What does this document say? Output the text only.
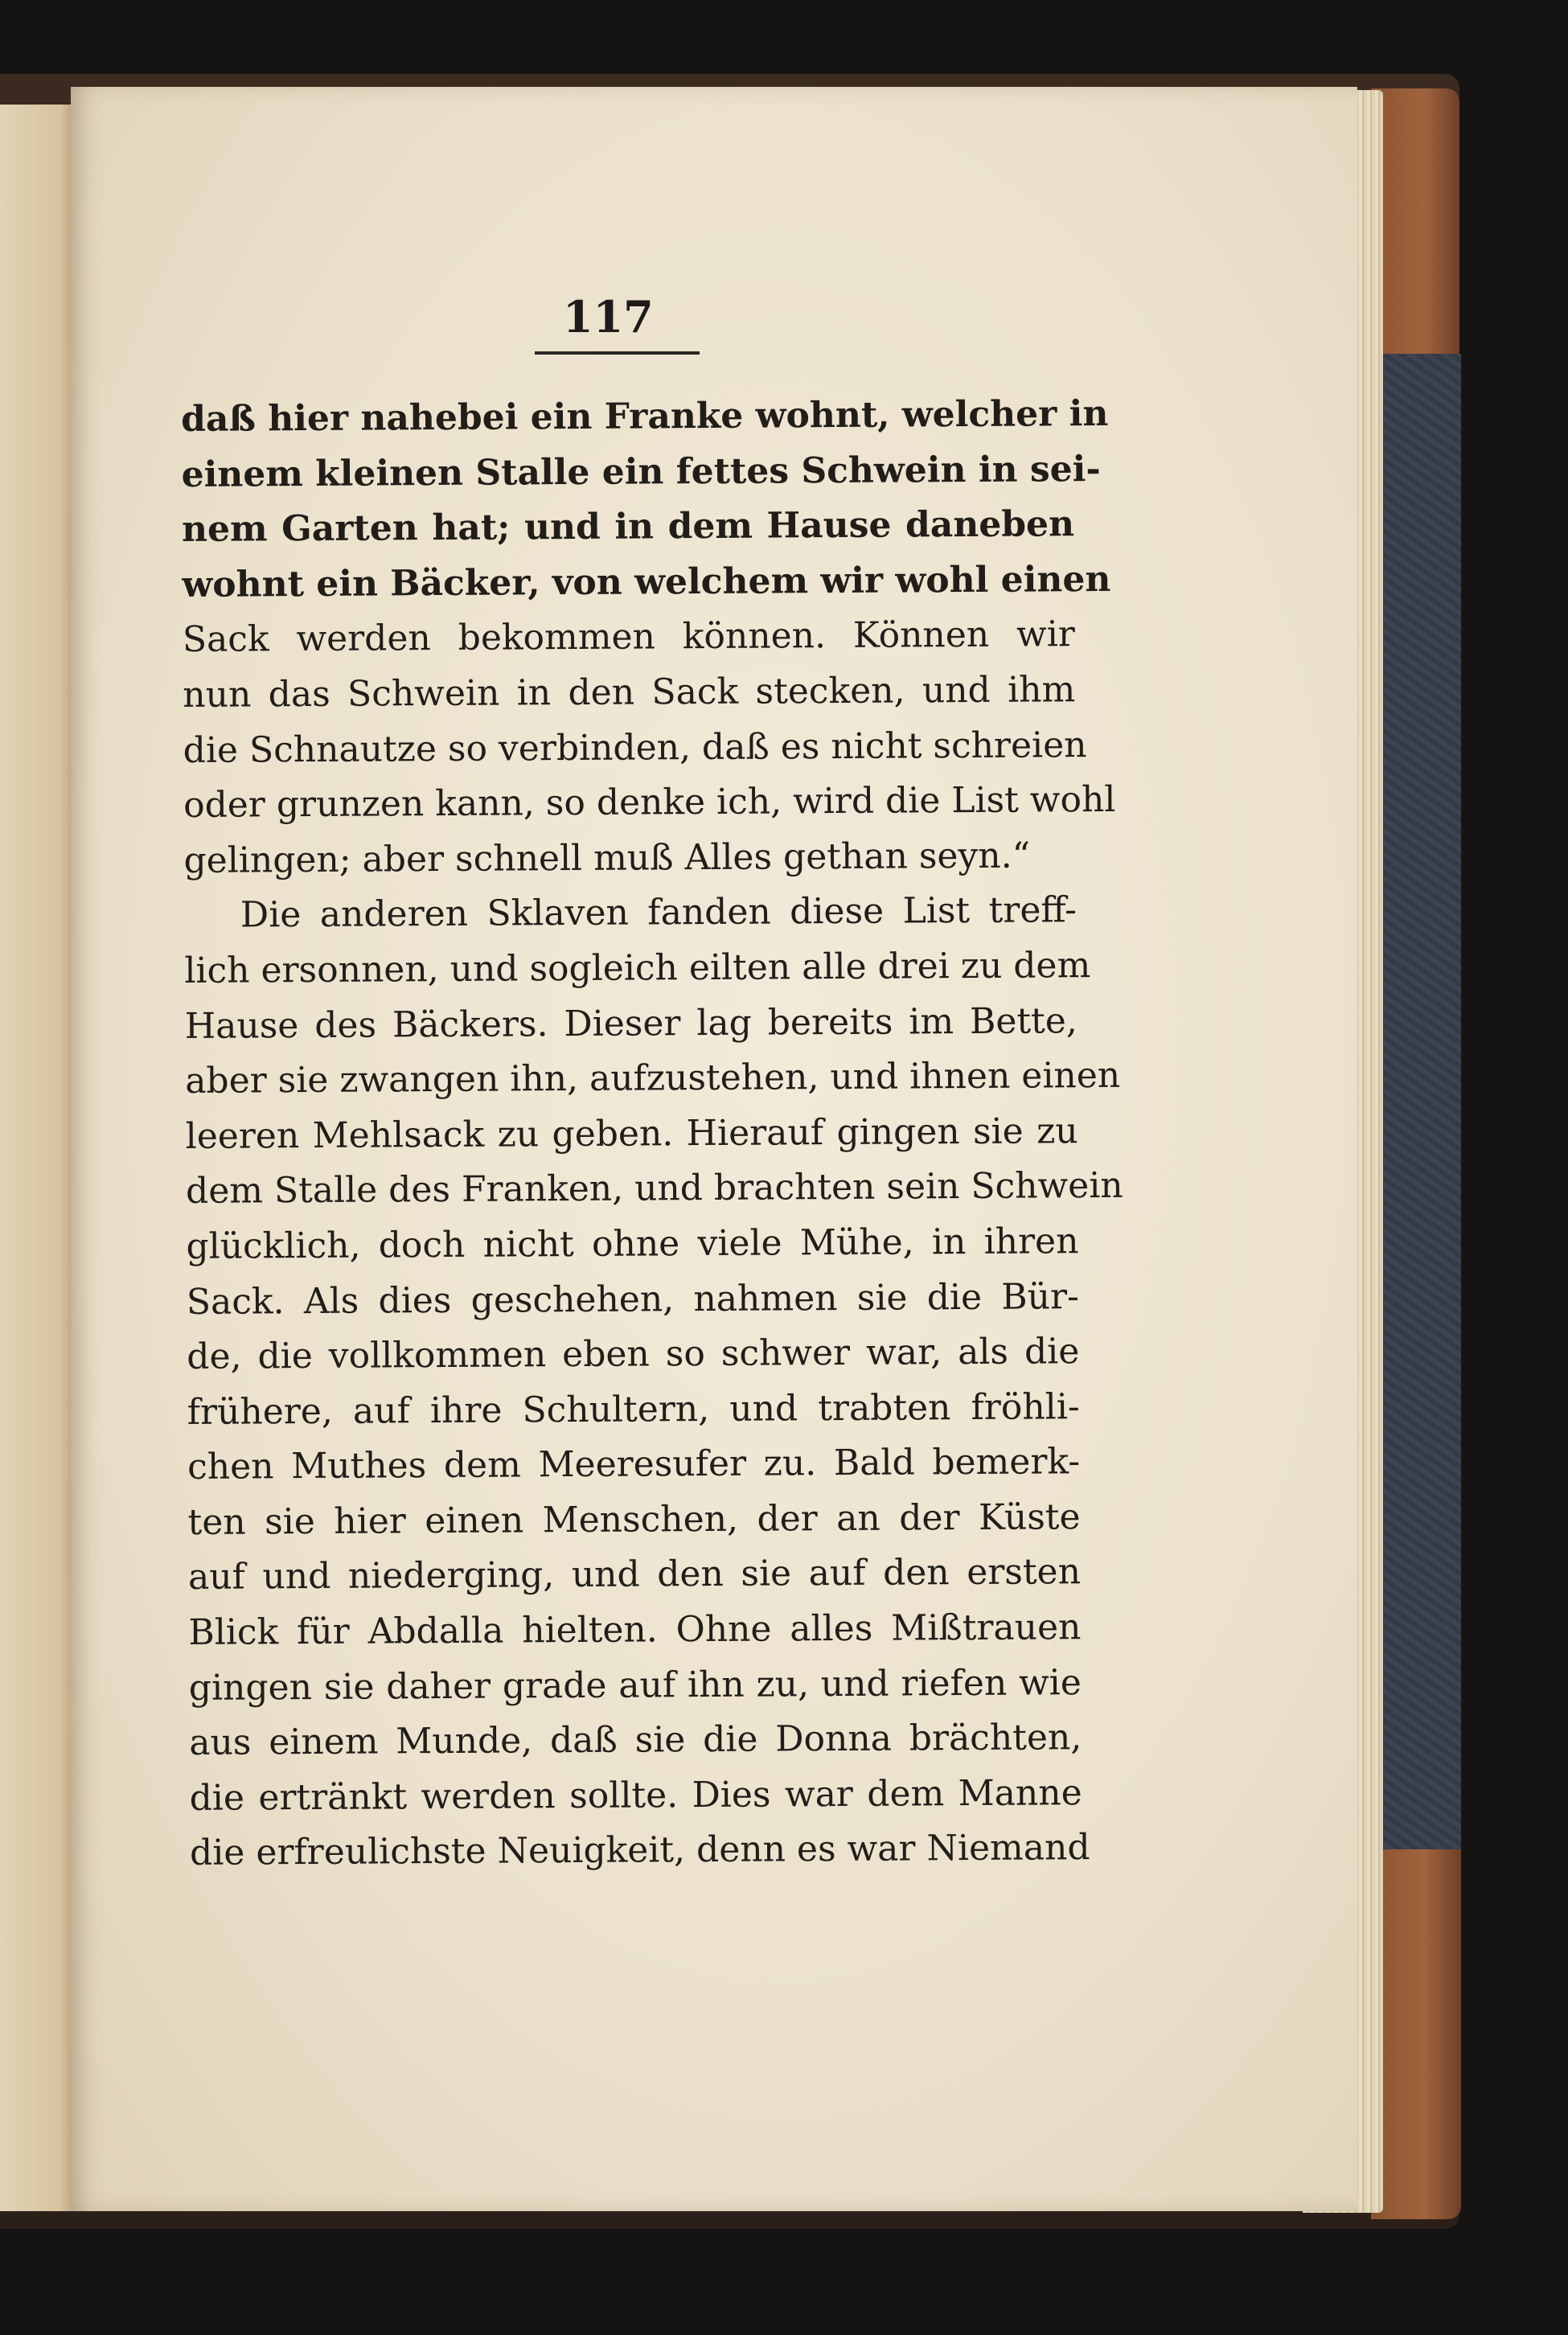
117
daß hier nahebei ein Franke wohnt, welcher in
einem kleinen Stalle ein fettes Schwein in sei-
nem Garten hat; und in dem Hause daneben
wohnt ein Bäcker, von welchem wir wohl einen
Sack werden bekommen können. Können wir
nun das Schwein in den Sack stecken, und ihm
die Schnautze so verbinden, daß es nicht schreien
oder grunzen kann, so denke ich, wird die List wohl
gelingen; aber schnell muß Alles gethan seyn.“
Die anderen Sklaven fanden diese List treff-
lich ersonnen, und sogleich eilten alle drei zu dem
Hause des Bäckers. Dieser lag bereits im Bette,
aber sie zwangen ihn, aufzustehen, und ihnen einen
leeren Mehlsack zu geben. Hierauf gingen sie zu
dem Stalle des Franken, und brachten sein Schwein
glücklich, doch nicht ohne viele Mühe, in ihren
Sack. Als dies geschehen, nahmen sie die Bür-
de, die vollkommen eben so schwer war, als die
frühere, auf ihre Schultern, und trabten fröhli-
chen Muthes dem Meeresufer zu. Bald bemerk-
ten sie hier einen Menschen, der an der Küste
auf und niederging, und den sie auf den ersten
Blick für Abdalla hielten. Ohne alles Mißtrauen
gingen sie daher grade auf ihn zu, und riefen wie
aus einem Munde, daß sie die Donna brächten,
die ertränkt werden sollte. Dies war dem Manne
die erfreulichste Neuigkeit, denn es war Niemand
